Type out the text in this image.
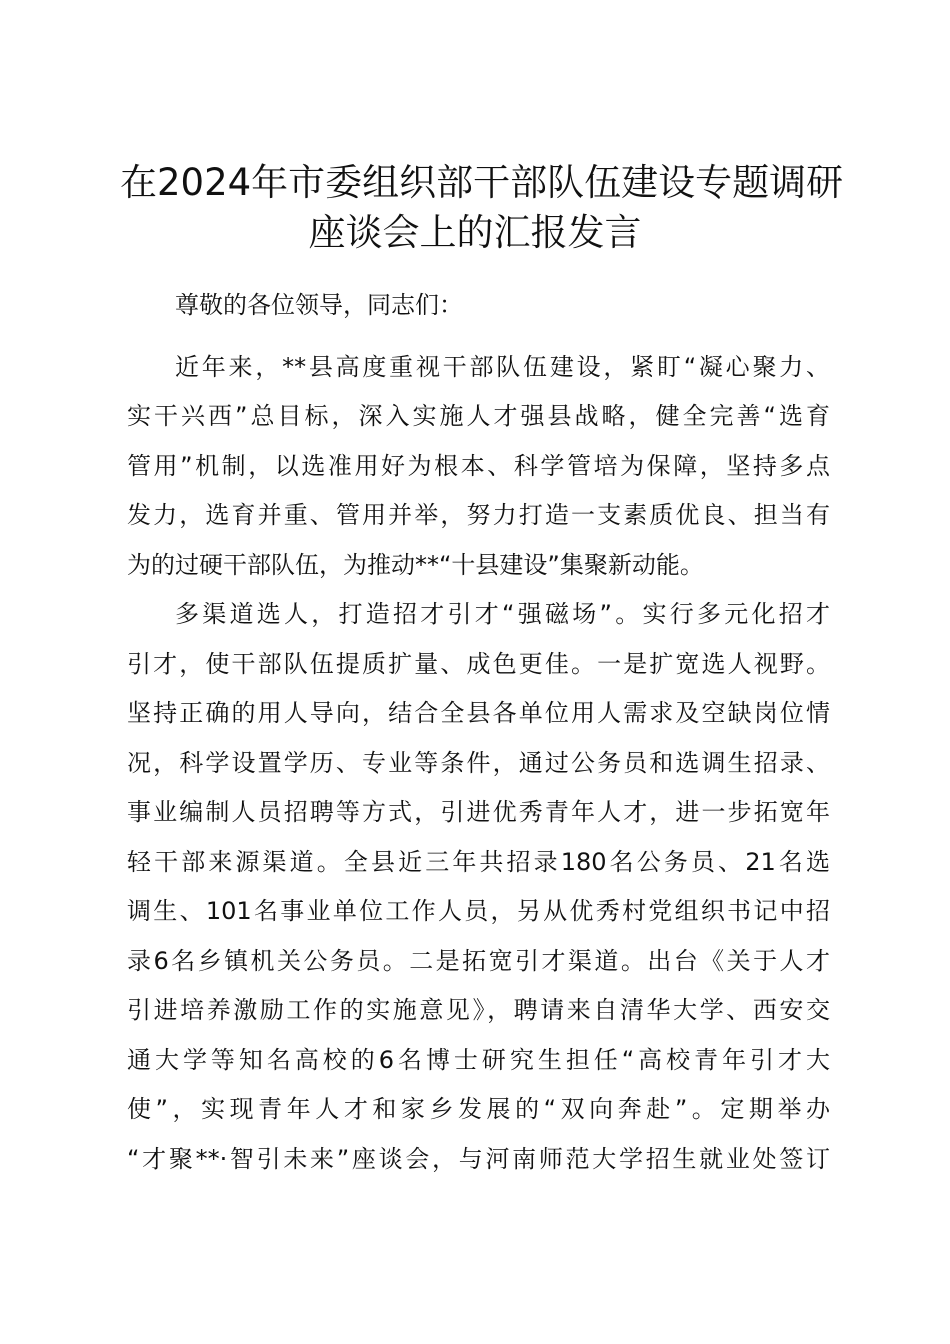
在2024年市委组织部干部队伍建设专题调研
座谈会上的汇报发言

尊敬的各位领导，同志们：

近年来，**县高度重视干部队伍建设，紧盯“凝心聚力、
实干兴西”总目标，深入实施人才强县战略，健全完善“选育
管用”机制，以选准用好为根本、科学管培为保障，坚持多点
发力，选育并重、管用并举，努力打造一支素质优良、担当有
为的过硬干部队伍，为推动**“十县建设”集聚新动能。
多渠道选人，打造招才引才“强磁场”。实行多元化招才
引才，使干部队伍提质扩量、成色更佳。一是扩宽选人视野。
坚持正确的用人导向，结合全县各单位用人需求及空缺岗位情
况，科学设置学历、专业等条件，通过公务员和选调生招录、
事业编制人员招聘等方式，引进优秀青年人才，进一步拓宽年
轻干部来源渠道。全县近三年共招录180名公务员、21名选
调生、101名事业单位工作人员，另从优秀村党组织书记中招
录6名乡镇机关公务员。二是拓宽引才渠道。出台《关于人才
引进培养激励工作的实施意见》，聘请来自清华大学、西安交
通大学等知名高校的6名博士研究生担任“高校青年引才大
使”，实现青年人才和家乡发展的“双向奔赴”。定期举办
“才聚**·智引未来”座谈会，与河南师范大学招生就业处签订
